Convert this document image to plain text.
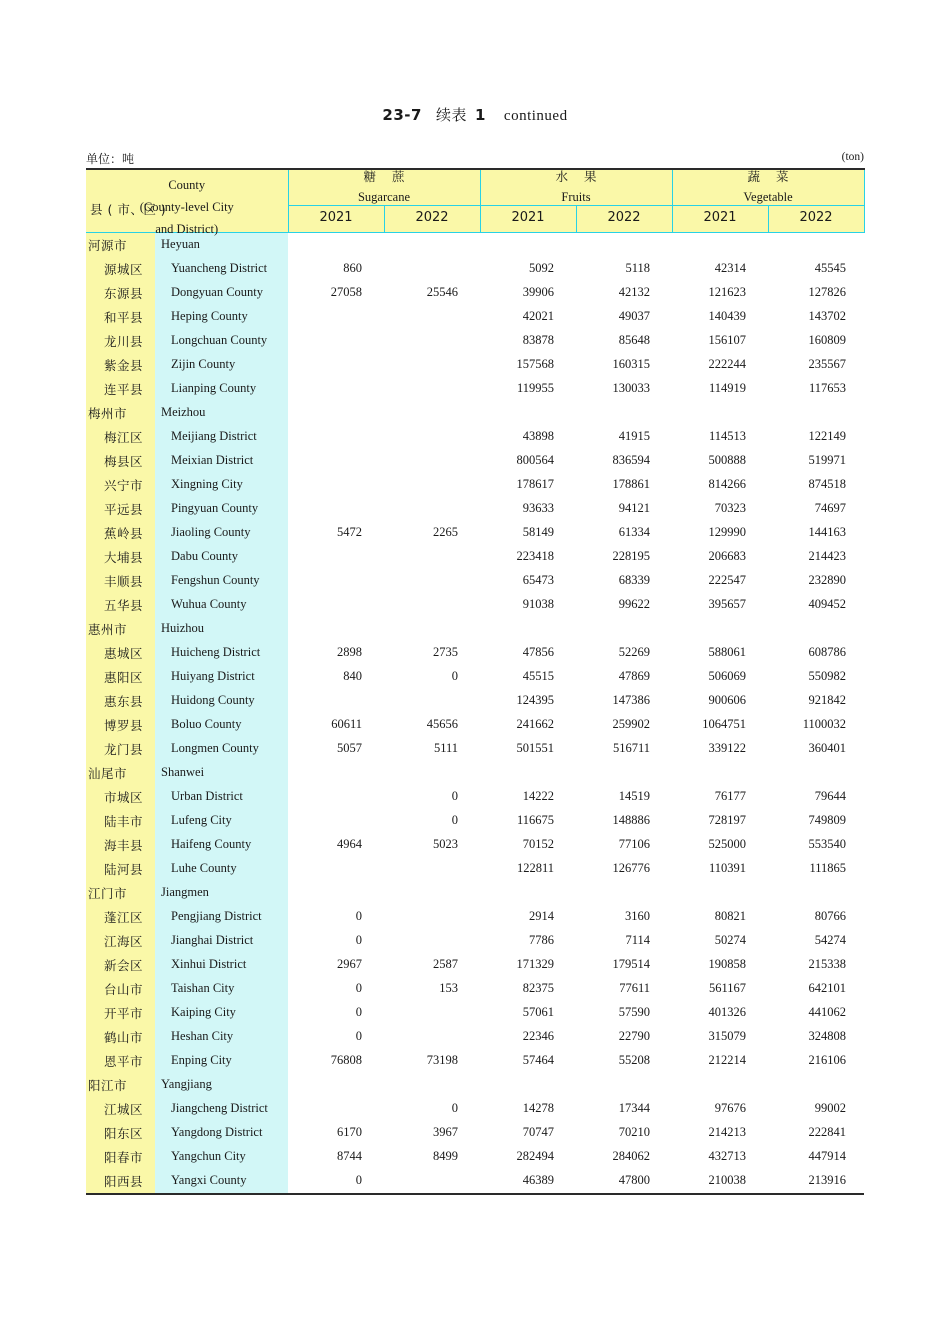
23-7 续表 1 continued
单位：吨	(ton)
County
(County-level City
and District)
县 ( 市、区 )

糖 蔗
Sugarcane

水 果
Fruits

蔬 菜
Vegetable

		2021	2022	2021	2022	2021	2022
河源市	Heyuan						
源城区	Yuancheng District	860		5092	5118	42314	45545
东源县	Dongyuan County	27058	25546	39906	42132	121623	127826
和平县	Heping County			42021	49037	140439	143702
龙川县	Longchuan County			83878	85648	156107	160809
紫金县	Zijin County			157568	160315	222244	235567
连平县	Lianping County			119955	130033	114919	117653
梅州市	Meizhou						
梅江区	Meijiang District			43898	41915	114513	122149
梅县区	Meixian District			800564	836594	500888	519971
兴宁市	Xingning City			178617	178861	814266	874518
平远县	Pingyuan County			93633	94121	70323	74697
蕉岭县	Jiaoling County	5472	2265	58149	61334	129990	144163
大埔县	Dabu County			223418	228195	206683	214423
丰顺县	Fengshun County			65473	68339	222547	232890
五华县	Wuhua County			91038	99622	395657	409452
惠州市	Huizhou						
惠城区	Huicheng District	2898	2735	47856	52269	588061	608786
惠阳区	Huiyang District	840	0	45515	47869	506069	550982
惠东县	Huidong County			124395	147386	900606	921842
博罗县	Boluo County	60611	45656	241662	259902	1064751	1100032
龙门县	Longmen County	5057	5111	501551	516711	339122	360401
汕尾市	Shanwei						
市城区	Urban District		0	14222	14519	76177	79644
陆丰市	Lufeng City		0	116675	148886	728197	749809
海丰县	Haifeng County	4964	5023	70152	77106	525000	553540
陆河县	Luhe County			122811	126776	110391	111865
江门市	Jiangmen						
蓬江区	Pengjiang District	0		2914	3160	80821	80766
江海区	Jianghai District	0		7786	7114	50274	54274
新会区	Xinhui District	2967	2587	171329	179514	190858	215338
台山市	Taishan City	0	153	82375	77611	561167	642101
开平市	Kaiping City	0		57061	57590	401326	441062
鹤山市	Heshan City	0		22346	22790	315079	324808
恩平市	Enping City	76808	73198	57464	55208	212214	216106
阳江市	Yangjiang						
江城区	Jiangcheng District		0	14278	17344	97676	99002
阳东区	Yangdong District	6170	3967	70747	70210	214213	222841
阳春市	Yangchun City	8744	8499	282494	284062	432713	447914
阳西县	Yangxi County	0		46389	47800	210038	213916
